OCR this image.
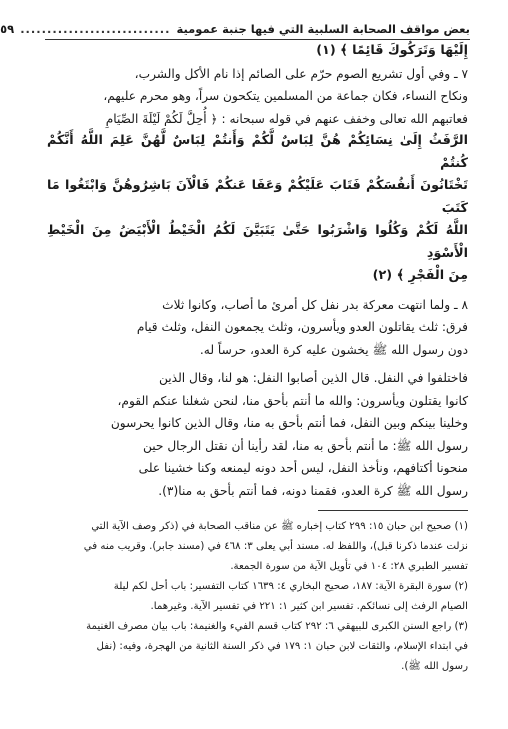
بعض مواقف الصحابة السلبية التي فيها جنبة عمومية
............................
٥٩

إِلَيْهَا وَتَرَكُوكَ قَائِمًا ﴾ (١)

٧ ـ وفي أول تشريع الصوم حرّم على الصائم إذا نام الأكل والشرب،

ونكاح النساء، فكان جماعة من المسلمين يتكحون سراً، وهو محرم عليهم،

فعاتبهم الله تعالى وخفف عنهم في قوله سبحانه : ﴿ أُحِلَّ لَكُمْ لَيْلَةَ الصِّيَامِ

الرَّفَثُ إِلَىٰ نِسَائِكُمْ هُنَّ لِبَاسٌ لَّكُمْ وَأَنتُمْ لِبَاسٌ لَّهُنَّ عَلِمَ اللَّهُ أَنَّكُمْ كُنتُمْ

تَخْتَانُونَ أَنفُسَكُمْ فَتَابَ عَلَيْكُمْ وَعَفَا عَنكُمْ فَالْآنَ بَاشِرُوهُنَّ وَابْتَغُوا مَا كَتَبَ

اللَّهُ لَكُمْ وَكُلُوا وَاشْرَبُوا حَتَّىٰ يَتَبَيَّنَ لَكُمُ الْخَيْطُ الْأَبْيَضُ مِنَ الْخَيْطِ الْأَسْوَدِ

مِنَ الْفَجْرِ ﴾ (٢)

٨ ـ ولما انتهت معركة بدر نفل كل أمرئ ما أصاب، وكانوا ثلاث

فرق: ثلث يقاتلون العدو ويأسرون، وثلث يجمعون النفل، وثلث قيام

دون رسول الله ﷺ يخشون عليه كرة العدو، حرساً له.

فاختلفوا في النفل. قال الذين أصابوا النفل: هو لنا، وقال الذين

كانوا يقتلون ويأسرون: والله ما أنتم بأحق منا، لنحن شغلنا عنكم القوم،

وخلينا بينكم وبين النفل، فما أنتم بأحق به منا، وقال الذين كانوا يحرسون

رسول الله ﷺ: ما أنتم بأحق به منا، لقد رأينا أن نقتل الرجال حين

منحونا أكتافهم، ونأخذ النفل، ليس أحد دونه ليمنعه وكنا خشينا على

رسول الله ﷺ كرة العدو، فقمنا دونه، فما أنتم بأحق به منا(٣).

(١) صحيح ابن حبان ١٥: ٢٩٩ كتاب إخباره ﷺ عن مناقب الصحابة في (ذكر وصف الآية التي

نزلت عندما ذكرنا قبل)، واللفظ له. مسند أبي يعلى ٣: ٤٦٨ في (مسند جابر). وقريب منه في

تفسير الطبري ٢٨: ١٠٤ في تأويل الآية من سورة الجمعة.

(٢) سورة البقرة الآية: ١٨٧، صحيح البخاري ٤: ١٦٣٩ كتاب التفسير: باب أحل لكم ليلة

الصيام الرفث إلى نسائكم. تفسير ابن كثير ١: ٢٢١ في تفسير الآية. وغيرهما.

(٣) راجع السنن الكبرى للبيهقي ٦: ٢٩٢ كتاب قسم الفيء والغنيمة: باب بيان مصرف الغنيمة

في ابتداء الإسلام، والثقات لابن حبان ١: ١٧٩ في ذكر السنة الثانية من الهجرة، وفيه: (نفل

رسول الله ﷺ).
